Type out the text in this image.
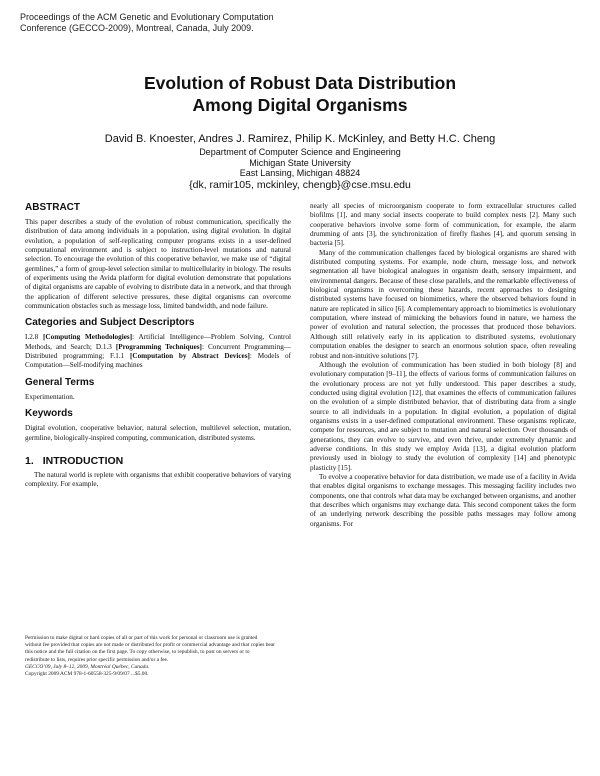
Proceedings of the ACM Genetic and Evolutionary Computation
Conference (GECCO-2009), Montreal, Canada, July 2009.
Evolution of Robust Data Distribution
Among Digital Organisms
David B. Knoester, Andres J. Ramirez, Philip K. McKinley, and Betty H.C. Cheng
Department of Computer Science and Engineering
Michigan State University
East Lansing, Michigan 48824
{dk, ramir105, mckinley, chengb}@cse.msu.edu
ABSTRACT

This paper describes a study of the evolution of robust communication, specifically the distribution of data among individuals in a population, using digital evolution. In digital evolution, a population of self-replicating computer programs exists in a user-defined computational environment and is subject to instruction-level mutations and natural selection. To encourage the evolution of this cooperative behavior, we make use of “digital germlines,” a form of group-level selection similar to multicellularity in biology. The results of experiments using the Avida platform for digital evolution demonstrate that populations of digital organisms are capable of evolving to distribute data in a network, and that through the application of different selective pressures, these digital organisms can overcome communication obstacles such as message loss, limited bandwidth, and node failure.

Categories and Subject Descriptors

I.2.8 [Computing Methodologies]: Artificial Intelligence—Problem Solving, Control Methods, and Search; D.1.3 [Programming Techniques]: Concurrent Programming—Distributed programming; F.1.1 [Computation by Abstract Devices]: Models of Computation—Self-modifying machines

General Terms

Experimentation.

Keywords

Digital evolution, cooperative behavior, natural selection, multilevel selection, mutation, germline, biologically-inspired computing, communication, distributed systems.

1. INTRODUCTION

The natural world is replete with organisms that exhibit cooperative behaviors of varying complexity. For example,

Permission to make digital or hard copies of all or part of this work for personal or classroom use is granted without fee provided that copies are not made or distributed for profit or commercial advantage and that copies bear this notice and the full citation on the first page. To copy otherwise, to republish, to post on servers or to redistribute to lists, requires prior specific permission and/or a fee.

GECCO’09, July 8–12, 2009, Montréal Québec, Canada.

Copyright 2009 ACM 978-1-60558-325-9/09/07 ...$5.00.

nearly all species of microorganism cooperate to form extracellular structures called biofilms [1], and many social insects cooperate to build complex nests [2]. Many such cooperative behaviors involve some form of communication, for example, the alarm drumming of ants [3], the synchronization of firefly flashes [4], and quorum sensing in bacteria [5].

Many of the communication challenges faced by biological organisms are shared with distributed computing systems. For example, node churn, message loss, and network segmentation all have biological analogues in organism death, sensory impairment, and environmental dangers. Because of these close parallels, and the remarkable effectiveness of biological organisms in overcoming these hazards, recent approaches to designing distributed systems have focused on biomimetics, where the observed behaviors found in nature are replicated in silico [6]. A complementary approach to biomimetics is evolutionary computation, where instead of mimicking the behaviors found in nature, we harness the power of evolution and natural selection, the processes that produced those behaviors. Although still relatively early in its application to distributed systems, evolutionary computation enables the designer to search an enormous solution space, often revealing robust and non-intuitive solutions [7].

Although the evolution of communication has been studied in both biology [8] and evolutionary computation [9–11], the effects of various forms of communication failures on the evolutionary process are not yet fully understood. This paper describes a study, conducted using digital evolution [12], that examines the effects of communication failures on the evolution of a simple distributed behavior, that of distributing data from a single source to all individuals in a population. In digital evolution, a population of digital organisms exists in a user-defined computational environment. These organisms replicate, compete for resources, and are subject to mutation and natural selection. Over thousands of generations, they can evolve to survive, and even thrive, under extremely dynamic and adverse conditions. In this study we employ Avida [13], a digital evolution platform previously used in biology to study the evolution of complexity [14] and phenotypic plasticity [15].

To evolve a cooperative behavior for data distribution, we made use of a facility in Avida that enables digital organisms to exchange messages. This messaging facility includes two components, one that controls what data may be exchanged between organisms, and another that describes which organisms may exchange data. This second component takes the form of an underlying network describing the possible paths messages may follow among organisms. For
